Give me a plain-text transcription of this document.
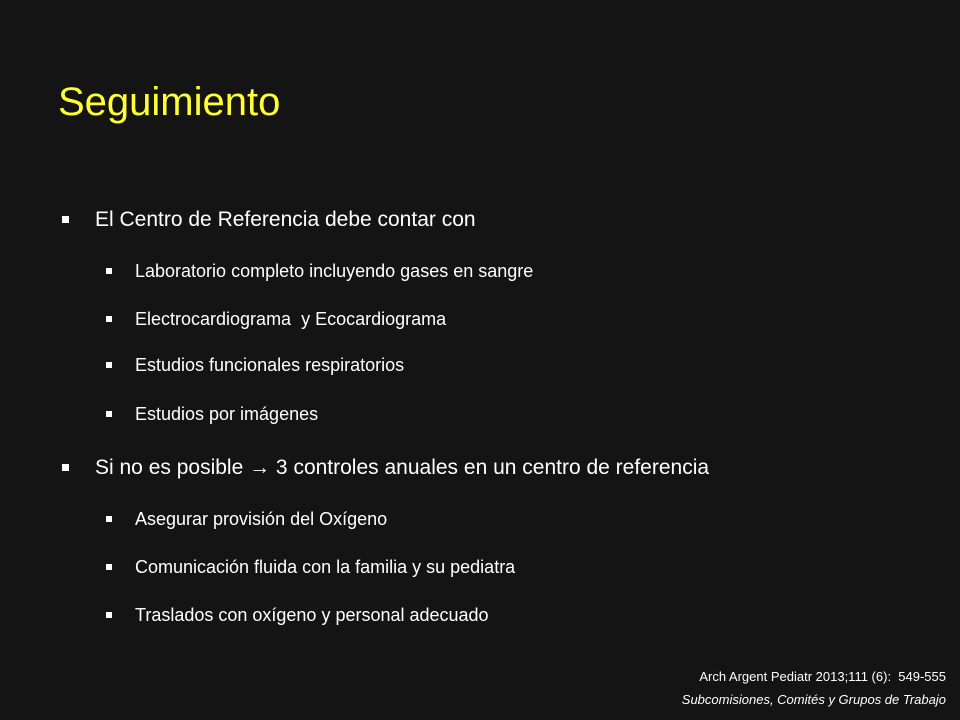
Seguimiento
El Centro de Referencia debe contar con
Laboratorio completo incluyendo gases en sangre
Electrocardiograma  y Ecocardiograma
Estudios funcionales respiratorios
Estudios por imágenes
Si no es posible → 3 controles anuales en un centro de referencia
Asegurar provisión del Oxígeno
Comunicación fluida con la familia y su pediatra
Traslados con oxígeno y personal adecuado
Arch Argent Pediatr 2013;111 (6):  549-555
Subcomisiones, Comités y Grupos de Trabajo
